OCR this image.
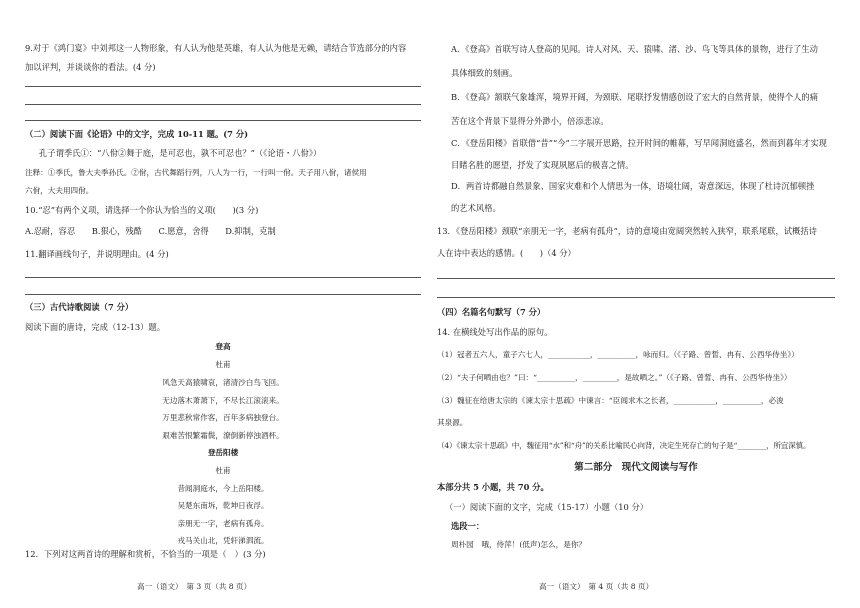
9.对于《鸿门宴》中刘邦这一人物形象，有人认为他是英雄，有人认为他是无赖，请结合节选部分的内容
加以评判，并谈谈你的看法。(4 分)
（二）阅读下面《论语》中的文字，完成 10-11 题。(7 分)
孔子谓季氏①：“八佾②舞于庭，是可忍也，孰不可忍也？”（《论语・八佾》）
注释：①季氏，鲁大夫季孙氏。②佾，古代舞蹈行列，八人为一行，一行叫一佾。天子用八佾，诸侯用
六佾，大夫用四佾。
10.“忍”有两个义项，请选择一个你认为恰当的义项(　　)(3 分)
A.忍耐，容忍　　B.狠心，残酷　　C.愿意，舍得　　D.抑制，克制
11.翻译画线句子，并说明理由。(4 分)
（三）古代诗歌阅读（7 分）
阅读下面的唐诗，完成（12-13）题。
登高
杜甫
风急天高猿啸哀，渚清沙白鸟飞回。
无边落木萧萧下，不尽长江滚滚来。
万里悲秋常作客，百年多病独登台。
艰难苦恨繁霜鬓，潦倒新停浊酒杯。
登岳阳楼
杜甫
昔闻洞庭水，今上岳阳楼。
吴楚东南坼，乾坤日夜浮。
亲朋无一字，老病有孤舟。
戎马关山北，凭轩涕泗流。
12．下列对这两首诗的理解和赏析，不恰当的一项是（　）(3 分)
高一（语文）　第 3 页（共 8 页）
A．《登高》首联写诗人登高的见闻。诗人对风、天、猿啸、渚、沙、鸟飞等具体的景物，进行了生动
具体细致的刻画。
B．《登高》颔联气象雄浑，境界开阔，为颈联、尾联抒发情感创设了宏大的自然背景，使得个人的痛
苦在这个背景下显得分外渺小，倍添悲凉。
C．《登岳阳楼》首联借“昔”“今”二字展开思路，拉开时间的帷幕，写早闻洞庭盛名，然而到暮年才实现
目睹名胜的愿望，抒发了实现夙愿后的极喜之情。
D．两首诗都融自然景象、国家灾难和个人情思为一体，语境壮阔，寄意深远，体现了杜诗沉郁顿挫
的艺术风格。
13．《登岳阳楼》颈联“亲朋无一字，老病有孤舟”，诗的意境由宽阔突然转入狭窄，联系尾联，试概括诗
人在诗中表达的感情。(　　)（4 分）
（四）名篇名句默写（7 分）
14. 在横线处写出作品的原句。
（1）冠者五六人，童子六七人，___________，__________，咏而归。（《子路、曾皙、冉有、公西华侍坐》）
（2）“夫子何哂由也？”曰：“__________，_________，是故哂之。”（《子路、曾皙、冉有、公西华侍坐》）
（3）魏征在给唐太宗的《谏太宗十思疏》中谏言：“臣闻求木之长者，___________，__________，必浚
其泉源。
（4）《谏太宗十思疏》中，魏征用“水”和“舟”的关系比喻民心向背，决定生死存亡的句子是“________，所宜深慎。
第二部分　现代文阅读与写作
本部分共 5 小题，共 70 分。
（一）阅读下面的文字，完成（15-17）小题（10 分）
选段一：
周朴园　哦，侍萍！(低声)怎么，是你？
高一（语文）　第 4 页（共 8 页）
